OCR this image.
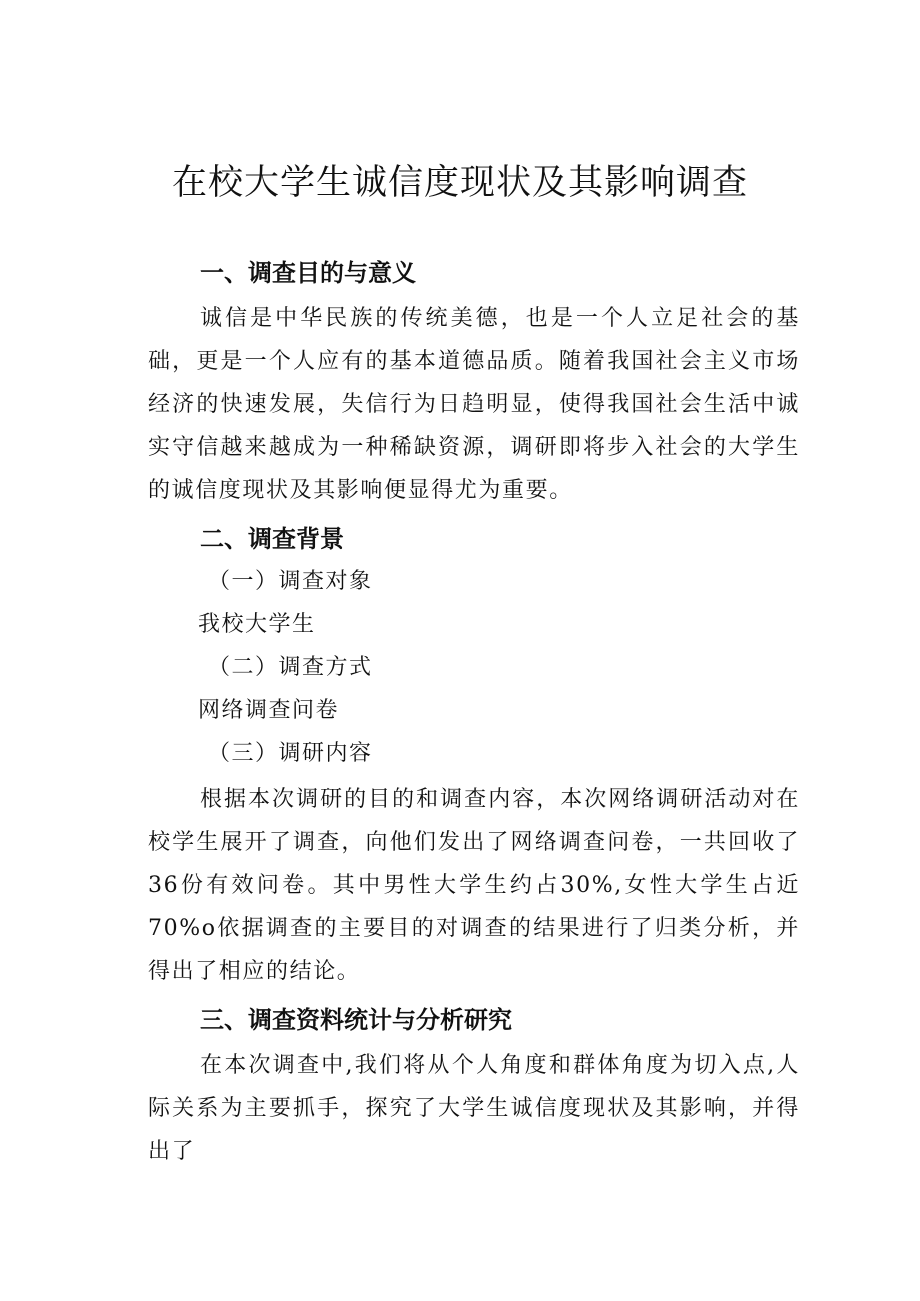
在校大学生诚信度现状及其影响调查
一、调查目的与意义

诚信是中华民族的传统美德，也是一个人立足社会的基础，更是一个人应有的基本道德品质。随着我国社会主义市场经济的快速发展，失信行为日趋明显，使得我国社会生活中诚实守信越来越成为一种稀缺资源，调研即将步入社会的大学生的诚信度现状及其影响便显得尤为重要。

二、调查背景

（一）调查对象

我校大学生

（二）调查方式

网络调查问卷

（三）调研内容

根据本次调研的目的和调查内容，本次网络调研活动对在校学生展开了调查，向他们发出了网络调查问卷，一共回收了36份有效问卷。其中男性大学生约占30%,女性大学生占近70%o依据调查的主要目的对调查的结果进行了归类分析，并得出了相应的结论。

三、调查资料统计与分析研究

在本次调查中,我们将从个人角度和群体角度为切入点,人际关系为主要抓手，探究了大学生诚信度现状及其影响，并得出了
